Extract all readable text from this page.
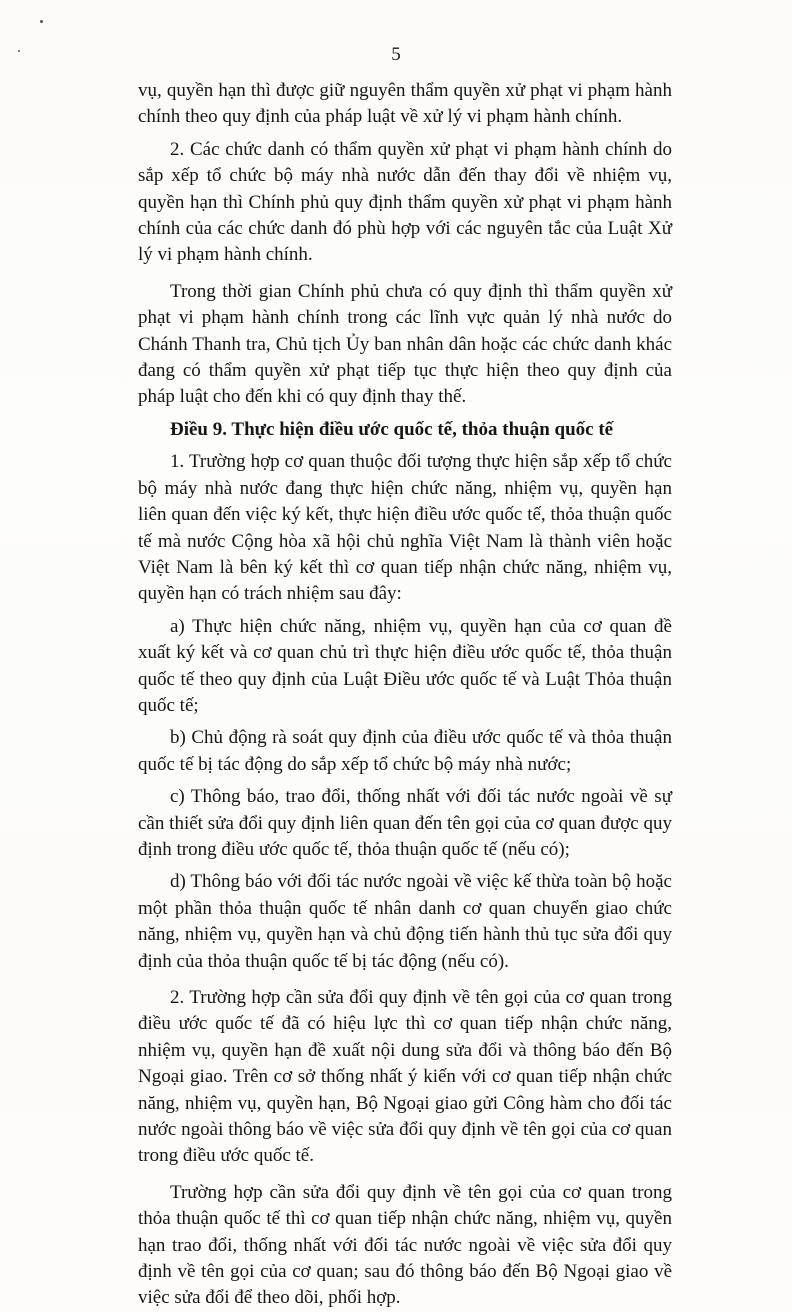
5

vụ, quyền hạn thì được giữ nguyên thẩm quyền xử phạt vi phạm hành chính theo quy định của pháp luật về xử lý vi phạm hành chính.

2. Các chức danh có thẩm quyền xử phạt vi phạm hành chính do sắp xếp tổ chức bộ máy nhà nước dẫn đến thay đổi về nhiệm vụ, quyền hạn thì Chính phủ quy định thẩm quyền xử phạt vi phạm hành chính của các chức danh đó phù hợp với các nguyên tắc của Luật Xử lý vi phạm hành chính.

Trong thời gian Chính phủ chưa có quy định thì thẩm quyền xử phạt vi phạm hành chính trong các lĩnh vực quản lý nhà nước do Chánh Thanh tra, Chủ tịch Ủy ban nhân dân hoặc các chức danh khác đang có thẩm quyền xử phạt tiếp tục thực hiện theo quy định của pháp luật cho đến khi có quy định thay thế.

Điều 9. Thực hiện điều ước quốc tế, thỏa thuận quốc tế

1. Trường hợp cơ quan thuộc đối tượng thực hiện sắp xếp tổ chức bộ máy nhà nước đang thực hiện chức năng, nhiệm vụ, quyền hạn liên quan đến việc ký kết, thực hiện điều ước quốc tế, thỏa thuận quốc tế mà nước Cộng hòa xã hội chủ nghĩa Việt Nam là thành viên hoặc Việt Nam là bên ký kết thì cơ quan tiếp nhận chức năng, nhiệm vụ, quyền hạn có trách nhiệm sau đây:

a) Thực hiện chức năng, nhiệm vụ, quyền hạn của cơ quan đề xuất ký kết và cơ quan chủ trì thực hiện điều ước quốc tế, thỏa thuận quốc tế theo quy định của Luật Điều ước quốc tế và Luật Thỏa thuận quốc tế;

b) Chủ động rà soát quy định của điều ước quốc tế và thỏa thuận quốc tế bị tác động do sắp xếp tổ chức bộ máy nhà nước;

c) Thông báo, trao đổi, thống nhất với đối tác nước ngoài về sự cần thiết sửa đổi quy định liên quan đến tên gọi của cơ quan được quy định trong điều ước quốc tế, thỏa thuận quốc tế (nếu có);

d) Thông báo với đối tác nước ngoài về việc kế thừa toàn bộ hoặc một phần thỏa thuận quốc tế nhân danh cơ quan chuyển giao chức năng, nhiệm vụ, quyền hạn và chủ động tiến hành thủ tục sửa đổi quy định của thỏa thuận quốc tế bị tác động (nếu có).

2. Trường hợp cần sửa đổi quy định về tên gọi của cơ quan trong điều ước quốc tế đã có hiệu lực thì cơ quan tiếp nhận chức năng, nhiệm vụ, quyền hạn đề xuất nội dung sửa đổi và thông báo đến Bộ Ngoại giao. Trên cơ sở thống nhất ý kiến với cơ quan tiếp nhận chức năng, nhiệm vụ, quyền hạn, Bộ Ngoại giao gửi Công hàm cho đối tác nước ngoài thông báo về việc sửa đổi quy định về tên gọi của cơ quan trong điều ước quốc tế.

Trường hợp cần sửa đổi quy định về tên gọi của cơ quan trong thỏa thuận quốc tế thì cơ quan tiếp nhận chức năng, nhiệm vụ, quyền hạn trao đổi, thống nhất với đối tác nước ngoài về việc sửa đổi quy định về tên gọi của cơ quan; sau đó thông báo đến Bộ Ngoại giao về việc sửa đổi để theo dõi, phối hợp.
